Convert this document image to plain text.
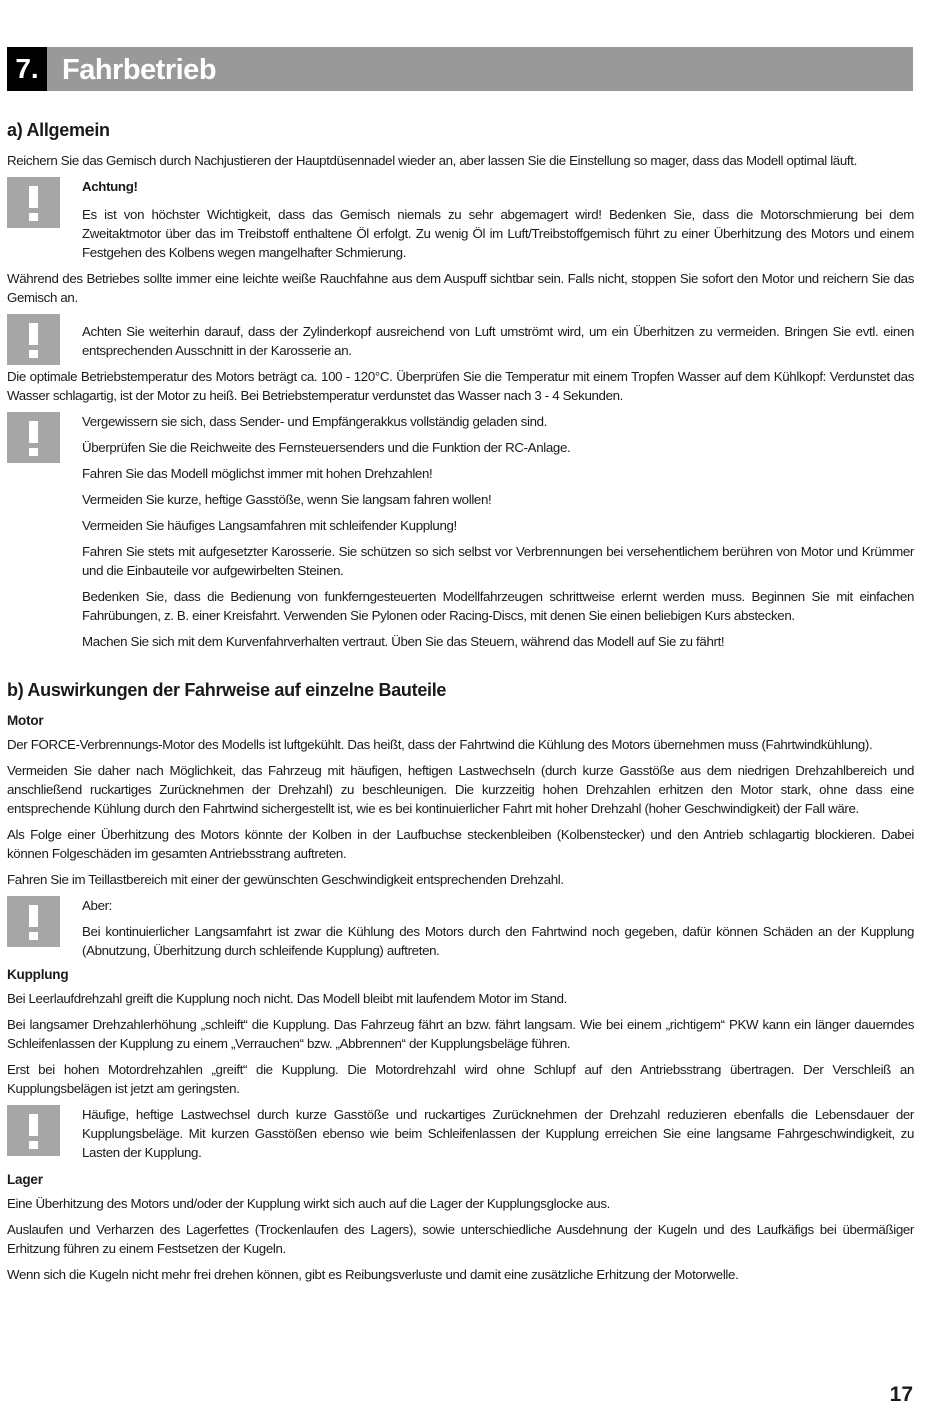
7. Fahrbetrieb
a) Allgemein

Reichern Sie das Gemisch durch Nachjustieren der Hauptdüsennadel wieder an, aber lassen Sie die Einstellung so mager, dass das Modell optimal läuft.

Achtung!

Es ist von höchster Wichtigkeit, dass das Gemisch niemals zu sehr abgemagert wird! Bedenken Sie, dass die Motorschmierung bei dem Zweitaktmotor über das im Treibstoff enthaltene Öl erfolgt. Zu wenig Öl im Luft/Treibstoffgemisch führt zu einer Überhitzung des Motors und einem Festgehen des Kolbens wegen mangelhafter Schmierung.

Während des Betriebes sollte immer eine leichte weiße Rauchfahne aus dem Auspuff sichtbar sein. Falls nicht, stoppen Sie sofort den Motor und reichern Sie das Gemisch an.

Achten Sie weiterhin darauf, dass der Zylinderkopf ausreichend von Luft umströmt wird, um ein Überhitzen zu vermeiden. Bringen Sie evtl. einen entsprechenden Ausschnitt in der Karosserie an.

Die optimale Betriebstemperatur des Motors beträgt ca. 100 - 120°C. Überprüfen Sie die Temperatur mit einem Tropfen Wasser auf dem Kühlkopf: Verdunstet das Wasser schlagartig, ist der Motor zu heiß. Bei Betriebstemperatur verdunstet das Wasser nach 3 - 4 Sekunden.

Vergewissern sie sich, dass Sender- und Empfängerakkus vollständig geladen sind.

Überprüfen Sie die Reichweite des Fernsteuersenders und die Funktion der RC-Anlage.

Fahren Sie das Modell möglichst immer mit hohen Drehzahlen!

Vermeiden Sie kurze, heftige Gasstöße, wenn Sie langsam fahren wollen!

Vermeiden Sie häufiges Langsamfahren mit schleifender Kupplung!

Fahren Sie stets mit aufgesetzter Karosserie. Sie schützen so sich selbst vor Verbrennungen bei versehentlichem berühren von Motor und Krümmer und die Einbauteile vor aufgewirbelten Steinen.

Bedenken Sie, dass die Bedienung von funkferngesteuerten Modellfahrzeugen schrittweise erlernt werden muss. Beginnen Sie mit einfachen Fahrübungen, z. B. einer Kreisfahrt. Verwenden Sie Pylonen oder Racing-Discs, mit denen Sie einen beliebigen Kurs abstecken.

Machen Sie sich mit dem Kurvenfahrverhalten vertraut. Üben Sie das Steuern, während das Modell auf Sie zu fährt!

b) Auswirkungen der Fahrweise auf einzelne Bauteile
Motor

Der FORCE-Verbrennungs-Motor des Modells ist luftgekühlt. Das heißt, dass der Fahrtwind die Kühlung des Motors übernehmen muss (Fahrtwindkühlung).

Vermeiden Sie daher nach Möglichkeit, das Fahrzeug mit häufigen, heftigen Lastwechseln (durch kurze Gasstöße aus dem niedrigen Drehzahlbereich und anschließend ruckartiges Zurücknehmen der Drehzahl) zu beschleunigen. Die kurzzeitig hohen Drehzahlen erhitzen den Motor stark, ohne dass eine entsprechende Kühlung durch den Fahrtwind sichergestellt ist, wie es bei kontinuierlicher Fahrt mit hoher Drehzahl (hoher Geschwindigkeit) der Fall wäre.

Als Folge einer Überhitzung des Motors könnte der Kolben in der Laufbuchse steckenbleiben (Kolbenstecker) und den Antrieb schlagartig blockieren. Dabei können Folgeschäden im gesamten Antriebsstrang auftreten.

Fahren Sie im Teillastbereich mit einer der gewünschten Geschwindigkeit entsprechenden Drehzahl.

Aber:

Bei kontinuierlicher Langsamfahrt ist zwar die Kühlung des Motors durch den Fahrtwind noch gegeben, dafür können Schäden an der Kupplung (Abnutzung, Überhitzung durch schleifende Kupplung) auftreten.

Kupplung

Bei Leerlaufdrehzahl greift die Kupplung noch nicht. Das Modell bleibt mit laufendem Motor im Stand.

Bei langsamer Drehzahlerhöhung „schleift“ die Kupplung. Das Fahrzeug fährt an bzw. fährt langsam. Wie bei einem „richtigem“ PKW kann ein länger dauerndes Schleifenlassen der Kupplung zu einem „Verrauchen“ bzw. „Abbrennen“ der Kupplungsbeläge führen.

Erst bei hohen Motordrehzahlen „greift“ die Kupplung. Die Motordrehzahl wird ohne Schlupf auf den Antriebsstrang übertragen. Der Verschleiß an Kupplungsbelägen ist jetzt am geringsten.

Häufige, heftige Lastwechsel durch kurze Gasstöße und ruckartiges Zurücknehmen der Drehzahl reduzieren ebenfalls die Lebensdauer der Kupplungsbeläge. Mit kurzen Gasstößen ebenso wie beim Schleifenlassen der Kupplung erreichen Sie eine langsame Fahrgeschwindigkeit, zu Lasten der Kupplung.

Lager

Eine Überhitzung des Motors und/oder der Kupplung wirkt sich auch auf die Lager der Kupplungsglocke aus.

Auslaufen und Verharzen des Lagerfettes (Trockenlaufen des Lagers), sowie unterschiedliche Ausdehnung der Kugeln und des Laufkäfigs bei übermäßiger Erhitzung führen zu einem Festsetzen der Kugeln.

Wenn sich die Kugeln nicht mehr frei drehen können, gibt es Reibungsverluste und damit eine zusätzliche Erhitzung der Motorwelle.

17
